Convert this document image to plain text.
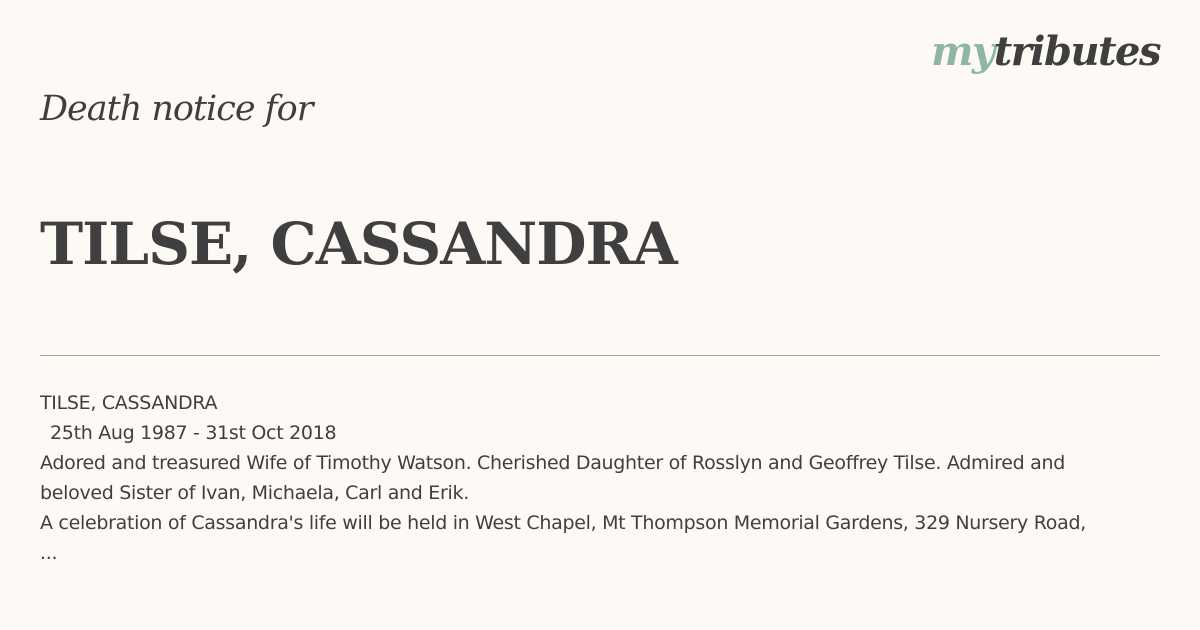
mytributes
Death notice for
TILSE, CASSANDRA

TILSE, CASSANDRA

25th Aug 1987 - 31st Oct 2018

Adored and treasured Wife of Timothy Watson. Cherished Daughter of Rosslyn and Geoffrey Tilse. Admired and

beloved Sister of Ivan, Michaela, Carl and Erik.

A celebration of Cassandra's life will be held in West Chapel, Mt Thompson Memorial Gardens, 329 Nursery Road,

...
